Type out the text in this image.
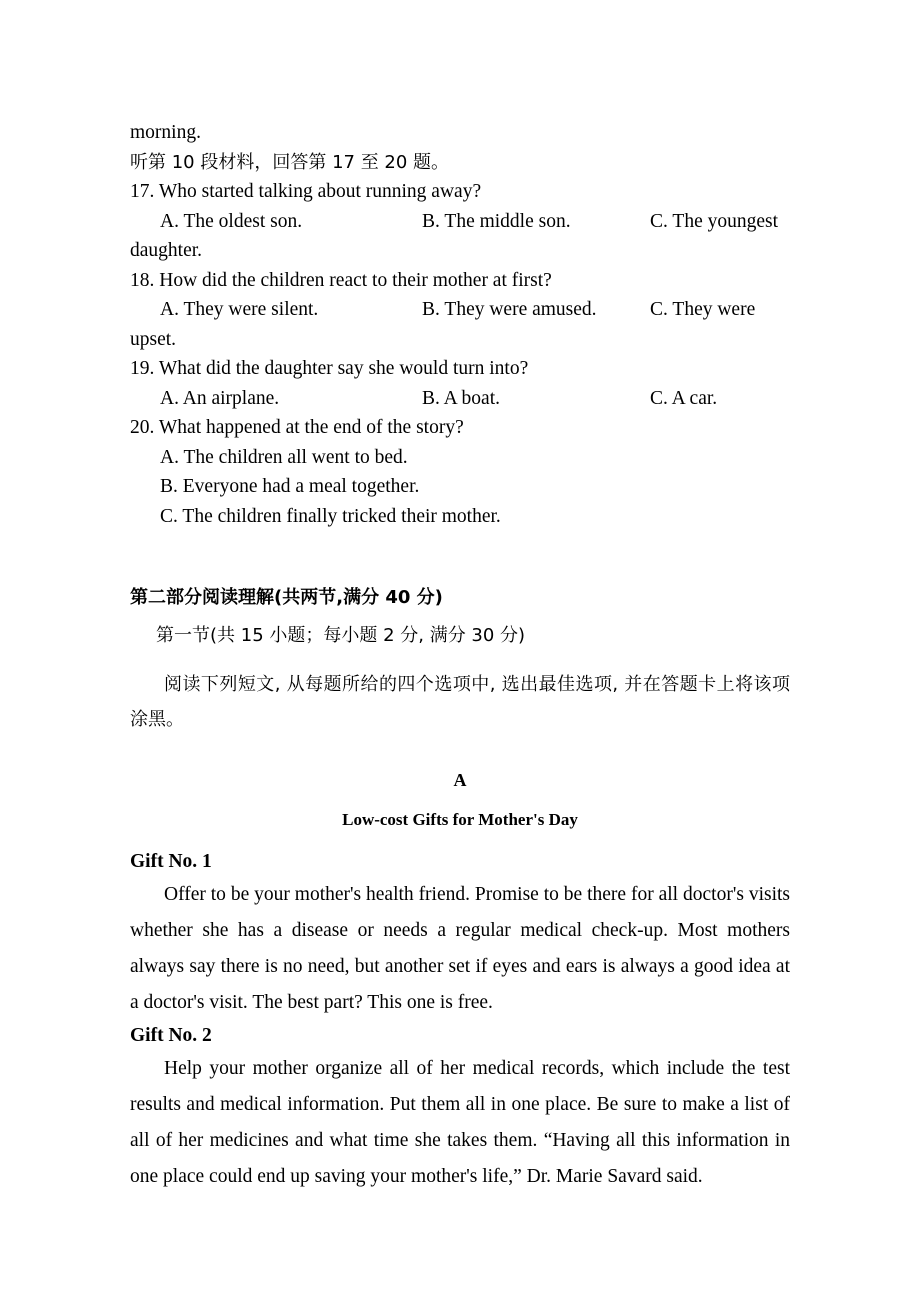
morning.
听第 10 段材料，回答第 17 至 20 题。
17. Who started talking about running away?
A. The oldest son.	B. The middle son.	C. The youngest
daughter.
18. How did the children react to their mother at first?
A. They were silent.	B. They were amused.	C. They were
upset.
19. What did the daughter say she would turn into?
A. An airplane.	B. A boat.	C. A car.
20. What happened at the end of the story?
A. The children all went to bed.
B. Everyone had a meal together.
C. The children finally tricked their mother.
第二部分阅读理解(共两节,满分 40 分)
第一节(共 15 小题；每小题 2 分, 满分 30 分)
阅读下列短文, 从每题所给的四个选项中, 选出最佳选项, 并在答题卡上将该项涂黑。
A
Low-cost Gifts for Mother's Day
Gift No. 1
Offer to be your mother's health friend. Promise to be there for all doctor's visits whether she has a disease or needs a regular medical check-up. Most mothers always say there is no need, but another set if eyes and ears is always a good idea at a doctor's visit. The best part? This one is free.
Gift No. 2
Help your mother organize all of her medical records, which include the test results and medical information. Put them all in one place. Be sure to make a list of all of her medicines and what time she takes them. “Having all this information in one place could end up saving your mother's life,” Dr. Marie Savard said.
